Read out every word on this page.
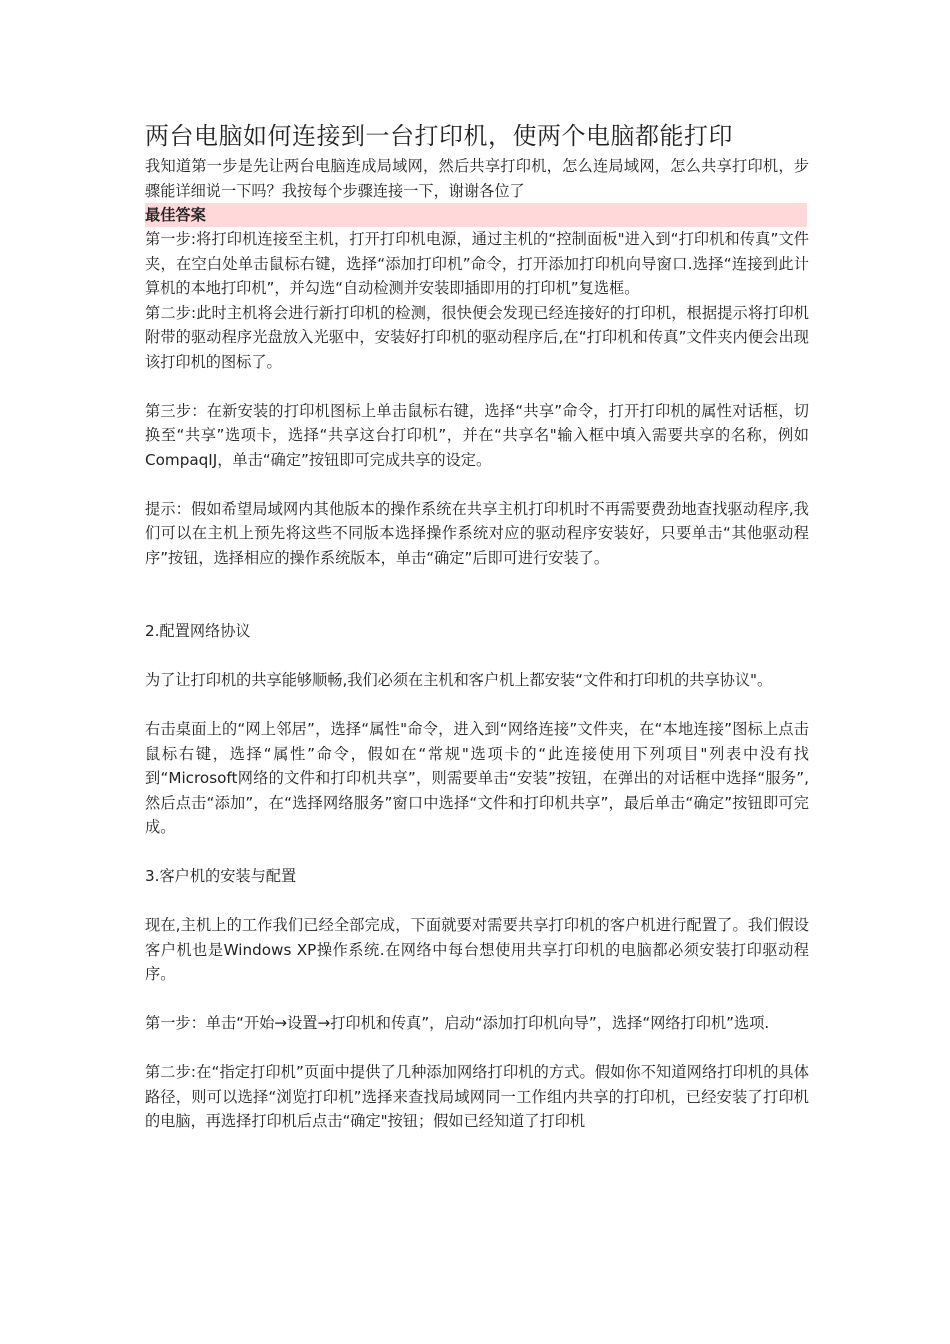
两台电脑如何连接到一台打印机，使两个电脑都能打印

我知道第一步是先让两台电脑连成局域网，然后共享打印机，怎么连局域网，怎么共享打印机，步骤能详细说一下吗？我按每个步骤连接一下，谢谢各位了

最佳答案

第一步:将打印机连接至主机，打开打印机电源，通过主机的“控制面板"进入到“打印机和传真”文件夹，在空白处单击鼠标右键，选择“添加打印机”命令，打开添加打印机向导窗口.选择“连接到此计算机的本地打印机”，并勾选“自动检测并安装即插即用的打印机”复选框。

第二步:此时主机将会进行新打印机的检测，很快便会发现已经连接好的打印机，根据提示将打印机附带的驱动程序光盘放入光驱中，安装好打印机的驱动程序后,在“打印机和传真”文件夹内便会出现该打印机的图标了。

第三步：在新安装的打印机图标上单击鼠标右键，选择“共享”命令，打开打印机的属性对话框，切换至“共享”选项卡，选择“共享这台打印机”，并在“共享名"输入框中填入需要共享的名称，例如CompaqIJ，单击“确定”按钮即可完成共享的设定。

提示：假如希望局域网内其他版本的操作系统在共享主机打印机时不再需要费劲地查找驱动程序,我们可以在主机上预先将这些不同版本选择操作系统对应的驱动程序安装好，只要单击“其他驱动程序”按钮，选择相应的操作系统版本，单击“确定”后即可进行安装了。

2.配置网络协议

为了让打印机的共享能够顺畅,我们必须在主机和客户机上都安装“文件和打印机的共享协议"。

右击桌面上的“网上邻居”，选择“属性"命令，进入到“网络连接”文件夹，在“本地连接”图标上点击鼠标右键，选择“属性”命令，假如在“常规"选项卡的“此连接使用下列项目"列表中没有找到“Microsoft网络的文件和打印机共享”，则需要单击“安装”按钮，在弹出的对话框中选择“服务”,然后点击“添加”，在“选择网络服务”窗口中选择“文件和打印机共享”，最后单击“确定”按钮即可完成。

3.客户机的安装与配置

现在,主机上的工作我们已经全部完成，下面就要对需要共享打印机的客户机进行配置了。我们假设客户机也是Windows XP操作系统.在网络中每台想使用共享打印机的电脑都必须安装打印驱动程序。

第一步：单击“开始→设置→打印机和传真”，启动“添加打印机向导”，选择“网络打印机”选项.

第二步:在“指定打印机”页面中提供了几种添加网络打印机的方式。假如你不知道网络打印机的具体路径，则可以选择“浏览打印机”选择来查找局域网同一工作组内共享的打印机，已经安装了打印机的电脑，再选择打印机后点击“确定"按钮；假如已经知道了打印机
